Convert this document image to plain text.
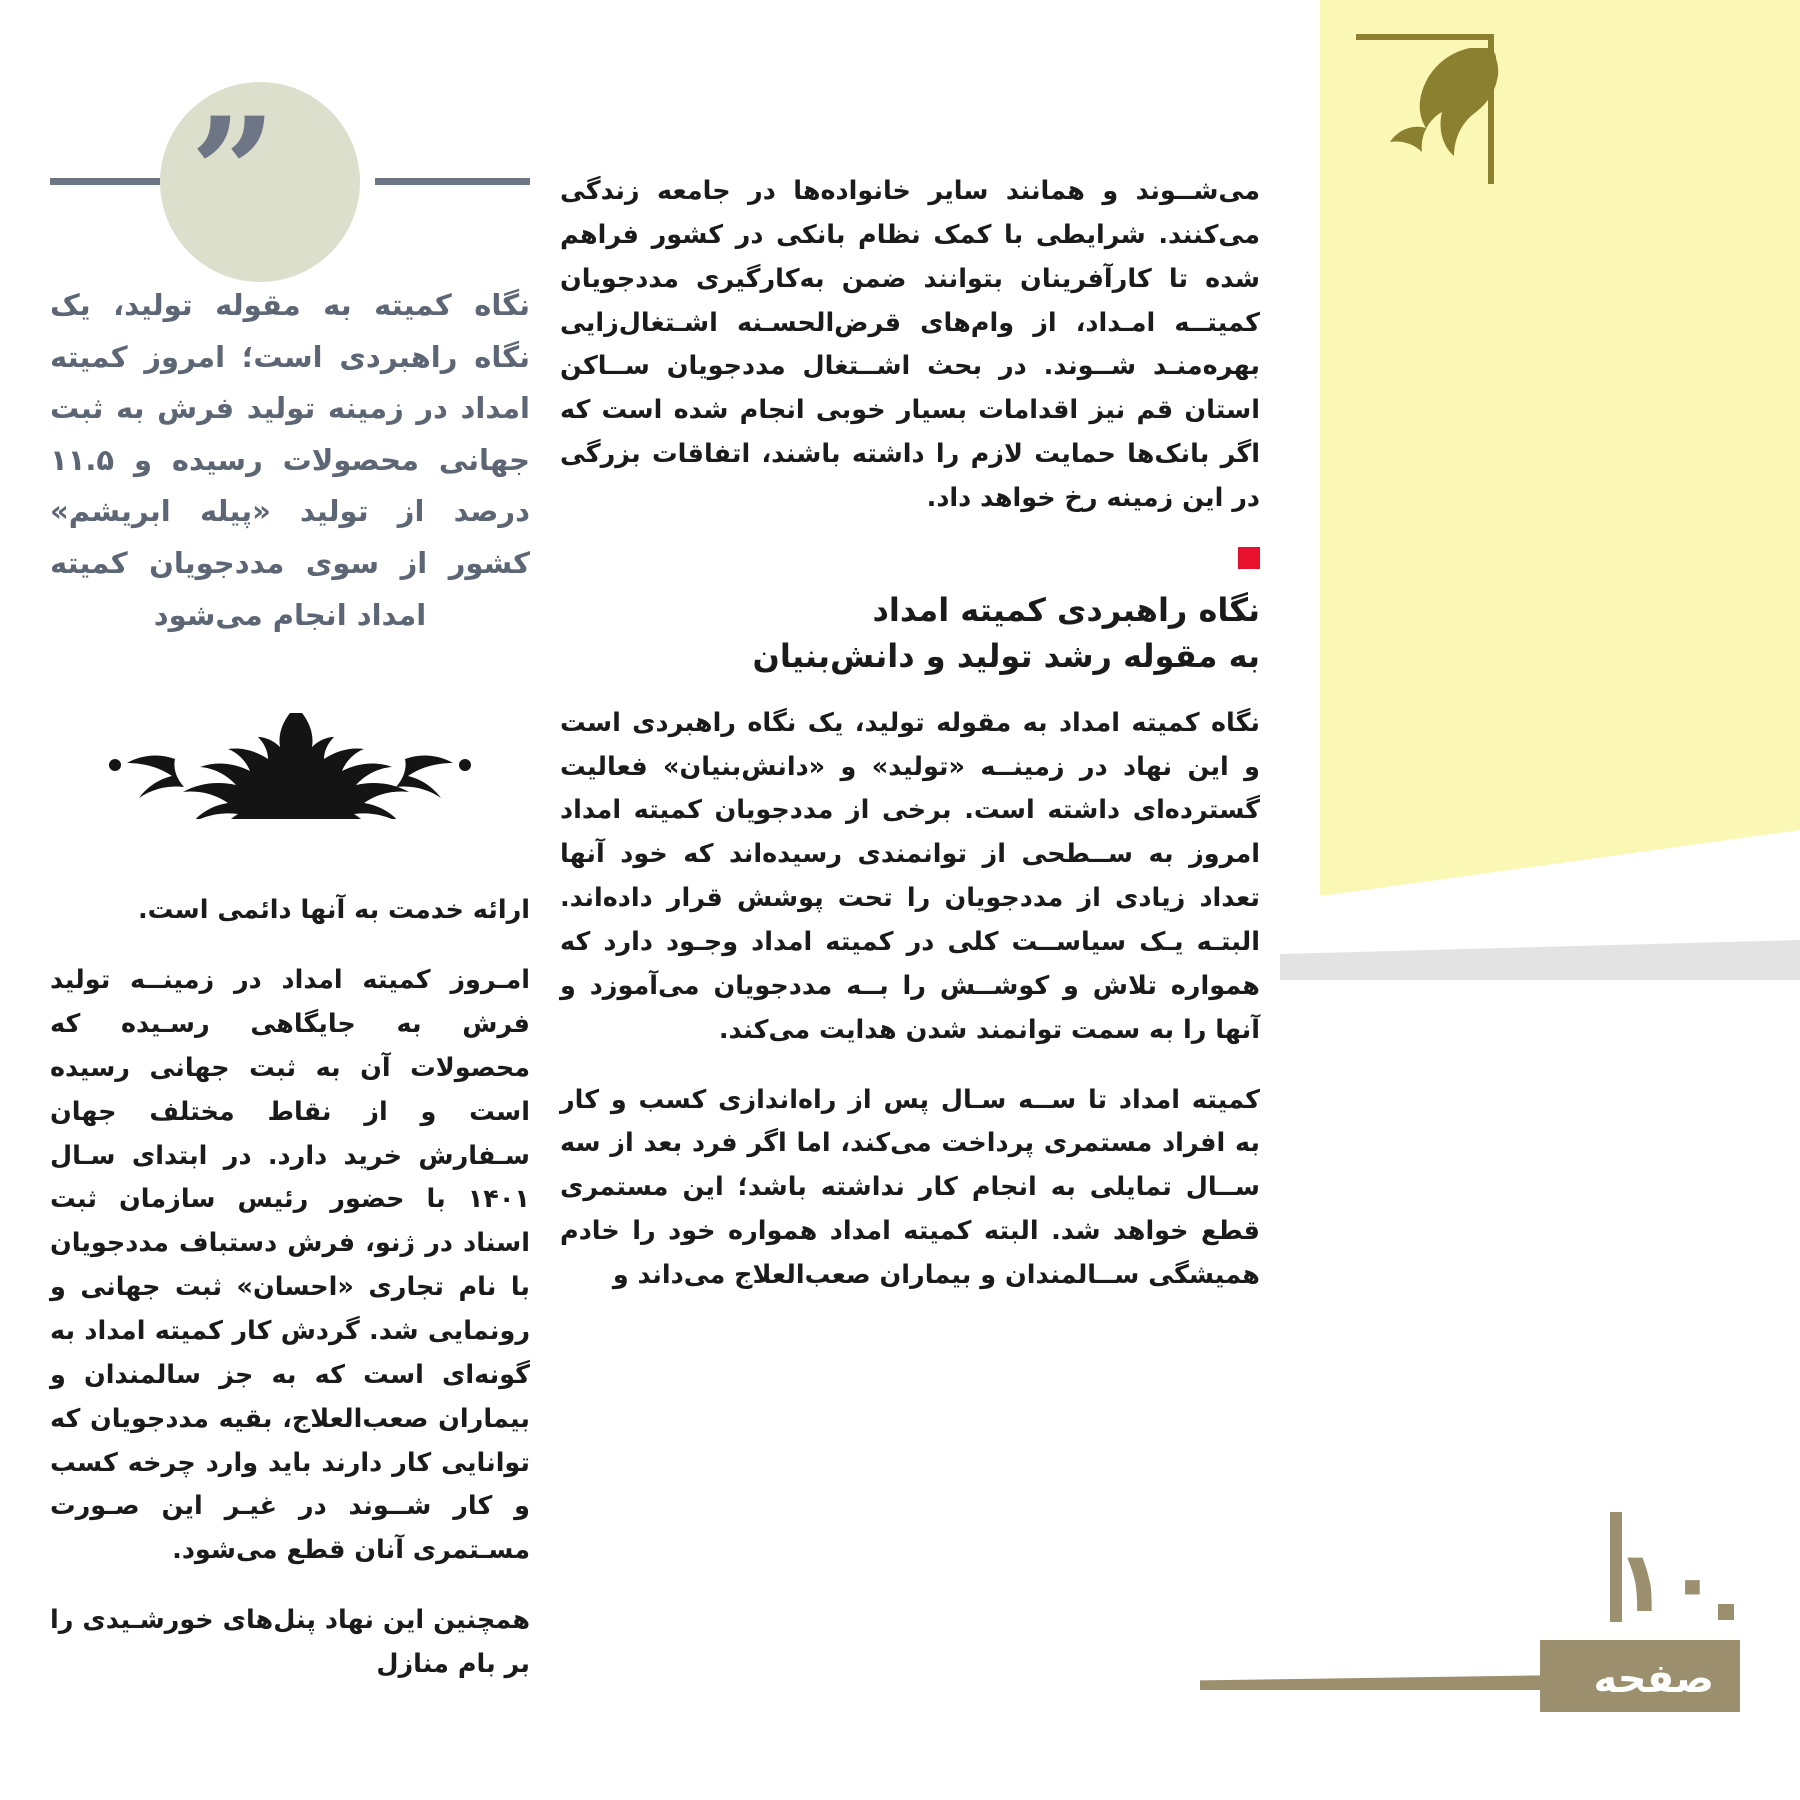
می‌شــوند و همانند سایر خانواده‌ها در جامعه زندگی می‌کنند. شرایطی با کمک نظام بانکی در کشور فراهم شده تا کارآفرینان بتوانند ضمن به‌کارگیری مددجویان کمیتــه امـداد، از وام‌های قرض‌الحسـنه اشـتغال‌زایی بهره‌منـد شــوند. در بحث اشــتغال مددجویان ســاکن استان قم نیز اقدامات بسیار خوبی انجام شده است که اگر بانک‌ها حمایت لازم را داشته باشند، اتفاقات بزرگی در این زمینه رخ خواهد داد.

نگاه راهبردی کمیته امداد
به مقوله رشد تولید و دانش‌بنیان

نگاه کمیته امداد به مقوله تولید، یک نگاه راهبردی است و این نهاد در زمینــه «تولید» و «دانش‌بنیان» فعالیت گسترده‌ای داشته است. برخی از مددجویان کمیته امداد امروز به ســطحی از توانمندی رسیده‌اند که خود آنها تعداد زیادی از مددجویان را تحت پوشش قرار داده‌اند. البتـه یـک سیاســت کلی در کمیته امداد وجـود دارد که همواره تلاش و کوشــش را بــه مددجویان می‌آموزد و آنها را به سمت توانمند شدن هدایت می‌کند.

کمیته امداد تا ســه سـال پس از راه‌اندازی کسب و کار به افراد مستمری پرداخت می‌کند، اما اگر فرد بعد از سه ســال تمایلی به انجام کار نداشته باشد؛ این مستمری قطع خواهد شد. البته کمیته امداد همواره خود را خادم همیشگی ســالمندان و بیماران صعب‌العلاج می‌داند و

”

نگاه کمیته به مقوله تولید، یک نگاه راهبردی است؛ امروز کمیته امداد در زمینه تولید فرش به ثبت جهانی محصولات رسیده و ۱۱.۵ درصد از تولید «پیله ابریشم» کشور از سوی مددجویان کمیته امداد انجام می‌شود

ارائه خدمت به آنها دائمی است.

امـروز کمیته امداد در زمینــه تولید فرش به جایگاهی رسـیده که محصولات آن به ثبت جهانی رسیده است و از نقاط مختلف جهان سـفارش خرید دارد. در ابتدای سـال ۱۴۰۱ با حضور رئیس سازمان ثبت اسناد در ژنو، فرش دستباف مددجویان با نام تجاری «احسان» ثبت جهانی و رونمایی شد. گردش کار کمیته امداد به گونه‌ای است که به جز سالمندان و بیماران صعب‌العلاج، بقیه مددجویان که توانایی کار دارند باید وارد چرخه کسب و کار شــوند در غیـر این صـورت مسـتمری آنان قطع می‌شود.

همچنین این نهاد پنل‌های خورشـیدی را بر بام منازل

۱۰
صفحه
